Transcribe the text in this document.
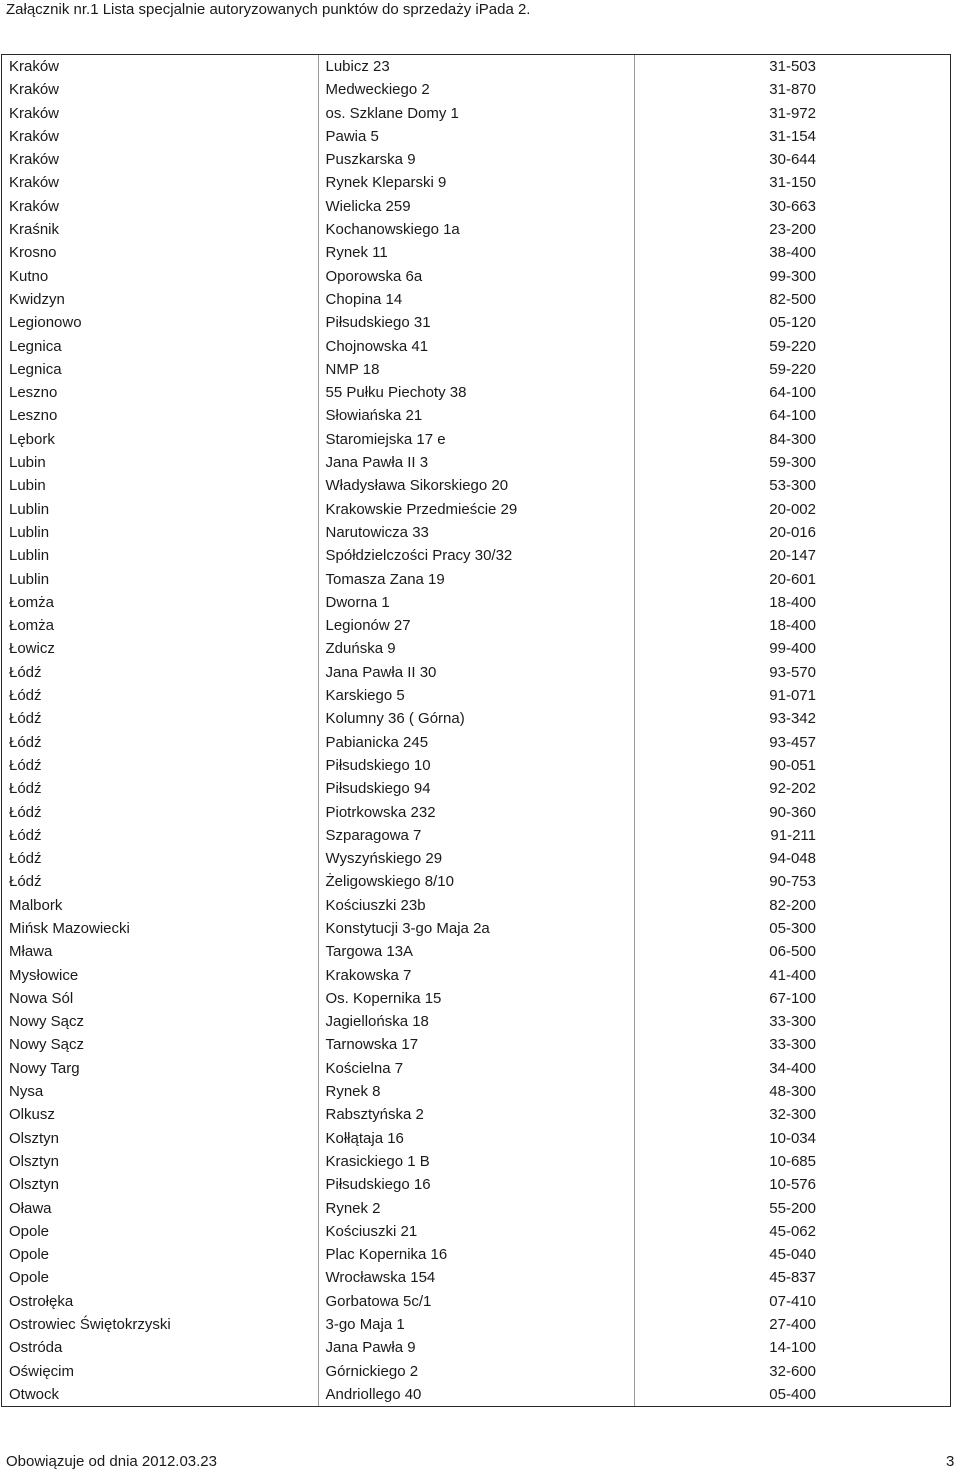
Załącznik nr.1 Lista specjalnie autoryzowanych punktów do sprzedaży iPada 2.
Kraków	Lubicz 23	31-503
Kraków	Medweckiego 2	31-870
Kraków	os. Szklane Domy 1	31-972
Kraków	Pawia 5	31-154
Kraków	Puszkarska 9	30-644
Kraków	Rynek Kleparski 9	31-150
Kraków	Wielicka 259	30-663
Kraśnik	Kochanowskiego 1a	23-200
Krosno	Rynek 11	38-400
Kutno	Oporowska 6a	99-300
Kwidzyn	Chopina 14	82-500
Legionowo	Piłsudskiego 31	05-120
Legnica	Chojnowska 41	59-220
Legnica	NMP 18	59-220
Leszno	55 Pułku Piechoty 38	64-100
Leszno	Słowiańska 21	64-100
Lębork	Staromiejska 17 e	84-300
Lubin	Jana Pawła II 3	59-300
Lubin	Władysława Sikorskiego 20	53-300
Lublin	Krakowskie Przedmieście 29	20-002
Lublin	Narutowicza 33	20-016
Lublin	Spółdzielczości Pracy 30/32	20-147
Lublin	Tomasza Zana 19	20-601
Łomża	Dworna 1	18-400
Łomża	Legionów 27	18-400
Łowicz	Zduńska 9	99-400
Łódź	Jana Pawła II 30	93-570
Łódź	Karskiego 5	91-071
Łódź	Kolumny 36 ( Górna)	93-342
Łódź	Pabianicka 245	93-457
Łódź	Piłsudskiego 10	90-051
Łódź	Piłsudskiego 94	92-202
Łódź	Piotrkowska 232	90-360
Łódź	Szparagowa 7	91-211
Łódź	Wyszyńskiego 29	94-048
Łódź	Żeligowskiego 8/10	90-753
Malbork	Kościuszki 23b	82-200
Mińsk Mazowiecki	Konstytucji 3-go Maja 2a	05-300
Mława	Targowa 13A	06-500
Mysłowice	Krakowska 7	41-400
Nowa Sól	Os. Kopernika 15	67-100
Nowy Sącz	Jagiellońska 18	33-300
Nowy Sącz	Tarnowska 17	33-300
Nowy Targ	Kościelna 7	34-400
Nysa	Rynek 8	48-300
Olkusz	Rabsztyńska 2	32-300
Olsztyn	Kołłątaja 16	10-034
Olsztyn	Krasickiego 1 B	10-685
Olsztyn	Piłsudskiego 16	10-576
Oława	Rynek 2	55-200
Opole	Kościuszki 21	45-062
Opole	Plac Kopernika 16	45-040
Opole	Wrocławska 154	45-837
Ostrołęka	Gorbatowa 5c/1	07-410
Ostrowiec Świętokrzyski	3-go Maja 1	27-400
Ostróda	Jana Pawła 9	14-100
Oświęcim	Górnickiego 2	32-600
Otwock	Andriollego 40	05-400
Obowiązuje od dnia 2012.03.23	3
